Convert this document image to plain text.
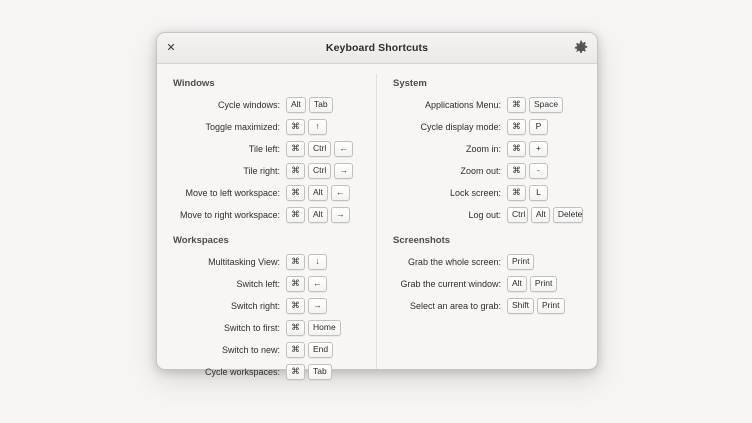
✕	Keyboard Shortcuts
Windows
Cycle windows:	Alt	Tab
Toggle maximized:	⌘	↑
Tile left:	⌘	Ctrl	←
Tile right:	⌘	Ctrl	→
Move to left workspace:	⌘	Alt	←
Move to right workspace:	⌘	Alt	→
Workspaces
Multitasking View:	⌘	↓
Switch left:	⌘	←
Switch right:	⌘	→
Switch to first:	⌘	Home
Switch to new:	⌘	End
Cycle workspaces:	⌘	Tab
System
Applications Menu:	⌘	Space
Cycle display mode:	⌘	P
Zoom in:	⌘	+
Zoom out:	⌘	-
Lock screen:	⌘	L
Log out:	Ctrl	Alt	Delete
Screenshots
Grab the whole screen:	Print
Grab the current window:	Alt	Print
Select an area to grab:	Shift	Print
